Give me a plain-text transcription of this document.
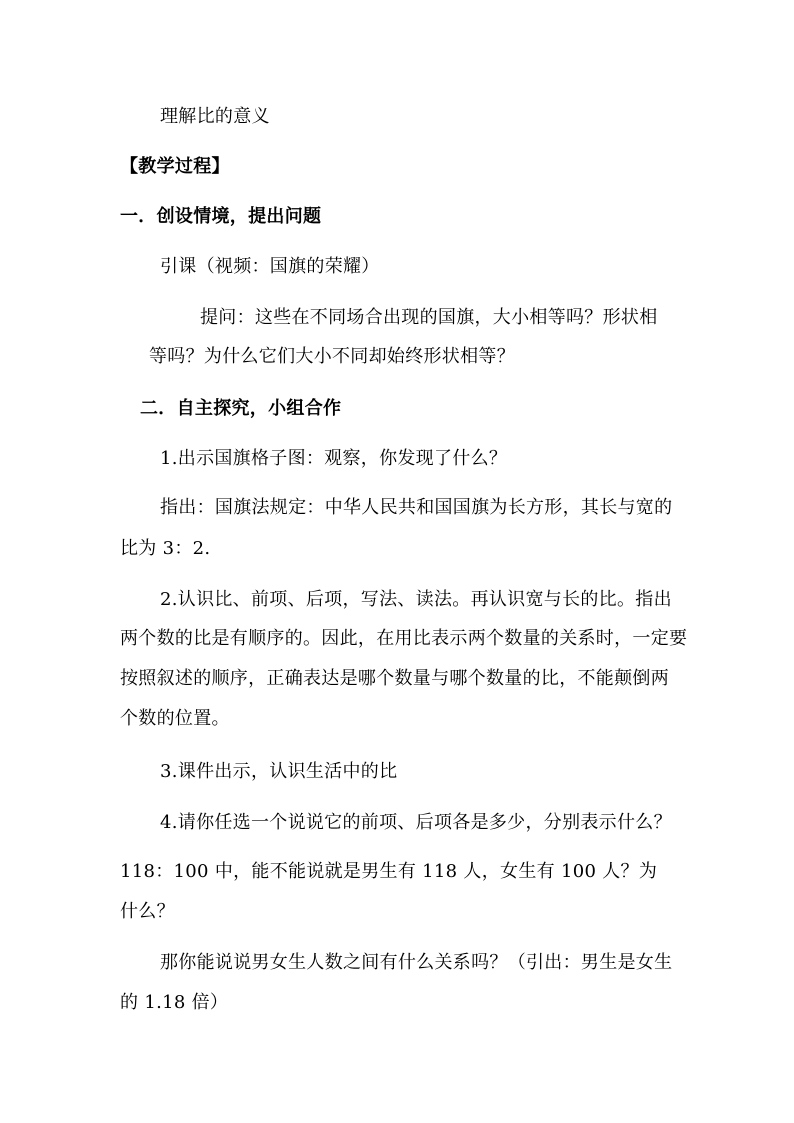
理解比的意义
【教学过程】
一．创设情境，提出问题
引课（视频：国旗的荣耀）
提问：这些在不同场合出现的国旗，大小相等吗？形状相
等吗？为什么它们大小不同却始终形状相等？
二．自主探究，小组合作
1.出示国旗格子图：观察，你发现了什么？
指出：国旗法规定：中华人民共和国国旗为长方形，其长与宽的
比为 3：2.
2.认识比、前项、后项，写法、读法。再认识宽与长的比。指出
两个数的比是有顺序的。因此，在用比表示两个数量的关系时，一定要
按照叙述的顺序，正确表达是哪个数量与哪个数量的比，不能颠倒两
个数的位置。
3.课件出示，认识生活中的比
4.请你任选一个说说它的前项、后项各是多少，分别表示什么？
118：100 中，能不能说就是男生有 118 人，女生有 100 人？为
什么？
那你能说说男女生人数之间有什么关系吗？（引出：男生是女生
的 1.18 倍）
